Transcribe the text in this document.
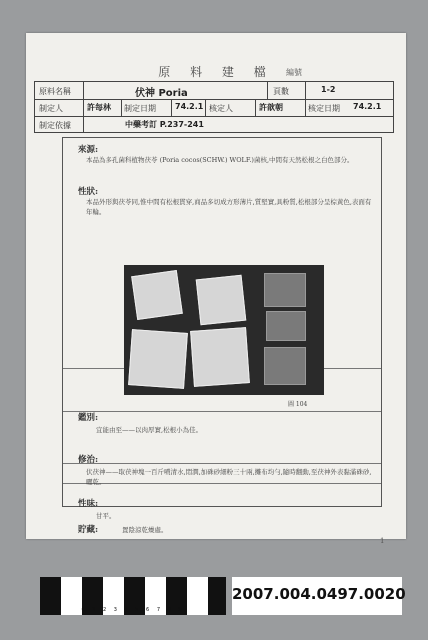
原 料 建 檔	編號
原料名稱	伏神 Poria	頁數	1-2
制定人	許每林 制定日期 74.2.1 核定人	許歆朝	核定日期 74.2.1
制定依據	中藥考訂 P.237-241
來源:
本品為多孔菌科植物茯苓 (Poria cocos(SCHW.) WOLF.)菌核,中間有天然松根之白色部分。
性狀:
本品外形與茯苓同,惟中間有松根貫穿,商品多切成方形薄片,質堅實,具粉質,松根部分呈棕黃色,表面有年輪。
圖 104
鑑別:
宜能由至——以肉厚實,松根小為佳。
修治:
伏茯神——取茯神塊一百斤噴清水,悶潤,加硃砂細粉三十兩,攤布均勻,隨時翻動,至茯神外表黏滿硃砂,曬乾。
性味:
甘平。
貯藏:	置陰涼乾燥處。
1
0 1 2 3 4 5 6 7 8 9
2007.004.0497.0020
